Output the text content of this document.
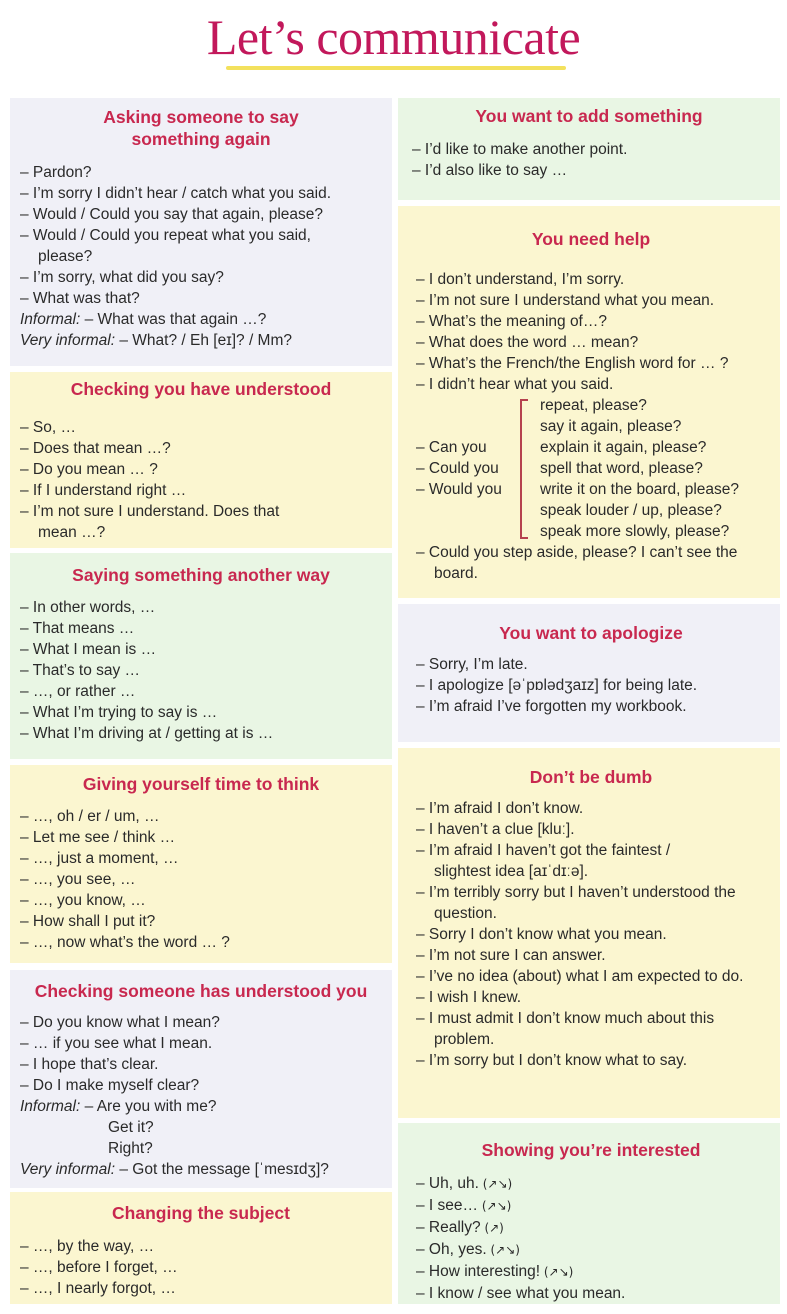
Let’s communicate
Asking someone to say something again
– Pardon?
– I’m sorry I didn’t hear / catch what you said.
– Would / Could you say that again, please?
– Would / Could you repeat what you said, please?
– I’m sorry, what did you say?
– What was that?
Informal: – What was that again …?
Very informal: – What? / Eh [eɪ]? / Mm?
Checking you have understood
– So, …
– Does that mean …?
– Do you mean … ?
– If I understand right …
– I’m not sure I understand. Does that mean …?
Saying something another way
– In other words, …
– That means …
– What I mean is …
– That’s to say …
– …, or rather …
– What I’m trying to say is …
– What I’m driving at / getting at is …
Giving yourself time to think
– …, oh / er / um, …
– Let me see / think …
– …, just a moment, …
– …, you see, …
– …, you know, …
– How shall I put it?
– …, now what’s the word … ?
Checking someone has understood you
– Do you know what I mean?
– … if you see what I mean.
– I hope that’s clear.
– Do I make myself clear?
Informal: – Are you with me?
Get it?
Right?
Very informal: – Got the message [ˈmesɪdʒ]?
Changing the subject
– …, by the way, …
– …, before I forget, …
– …, I nearly forgot, …
You want to add something
– I’d like to make another point.
– I’d also like to say …
You need help
– I don’t understand, I’m sorry.
– I’m not sure I understand what you mean.
– What’s the meaning of…?
– What does the word … mean?
– What’s the French/the English word for … ?
– I didn’t hear what you said.
– Can you
– Could you
– Would you
repeat, please?
say it again, please?
explain it again, please?
spell that word, please?
write it on the board, please?
speak louder / up, please?
speak more slowly, please?
– Could you step aside, please? I can’t see the board.
You want to apologize
– Sorry, I’m late.
– I apologize [əˈpɒlədʒaɪz] for being late.
– I’m afraid I’ve forgotten my workbook.
Don’t be dumb
– I’m afraid I don’t know.
– I haven’t a clue [kluː].
– I’m afraid I haven’t got the faintest / slightest idea [aɪˈdɪːə].
– I’m terribly sorry but I haven’t understood the question.
– Sorry I don’t know what you mean.
– I’m not sure I can answer.
– I’ve no idea (about) what I am expected to do.
– I wish I knew.
– I must admit I don’t know much about this problem.
– I’m sorry but I don’t know what to say.
Showing you’re interested
– Uh, uh. (↗↘)
– I see… (↗↘)
– Really? (↗)
– Oh, yes. (↗↘)
– How interesting! (↗↘)
– I know / see what you mean.
